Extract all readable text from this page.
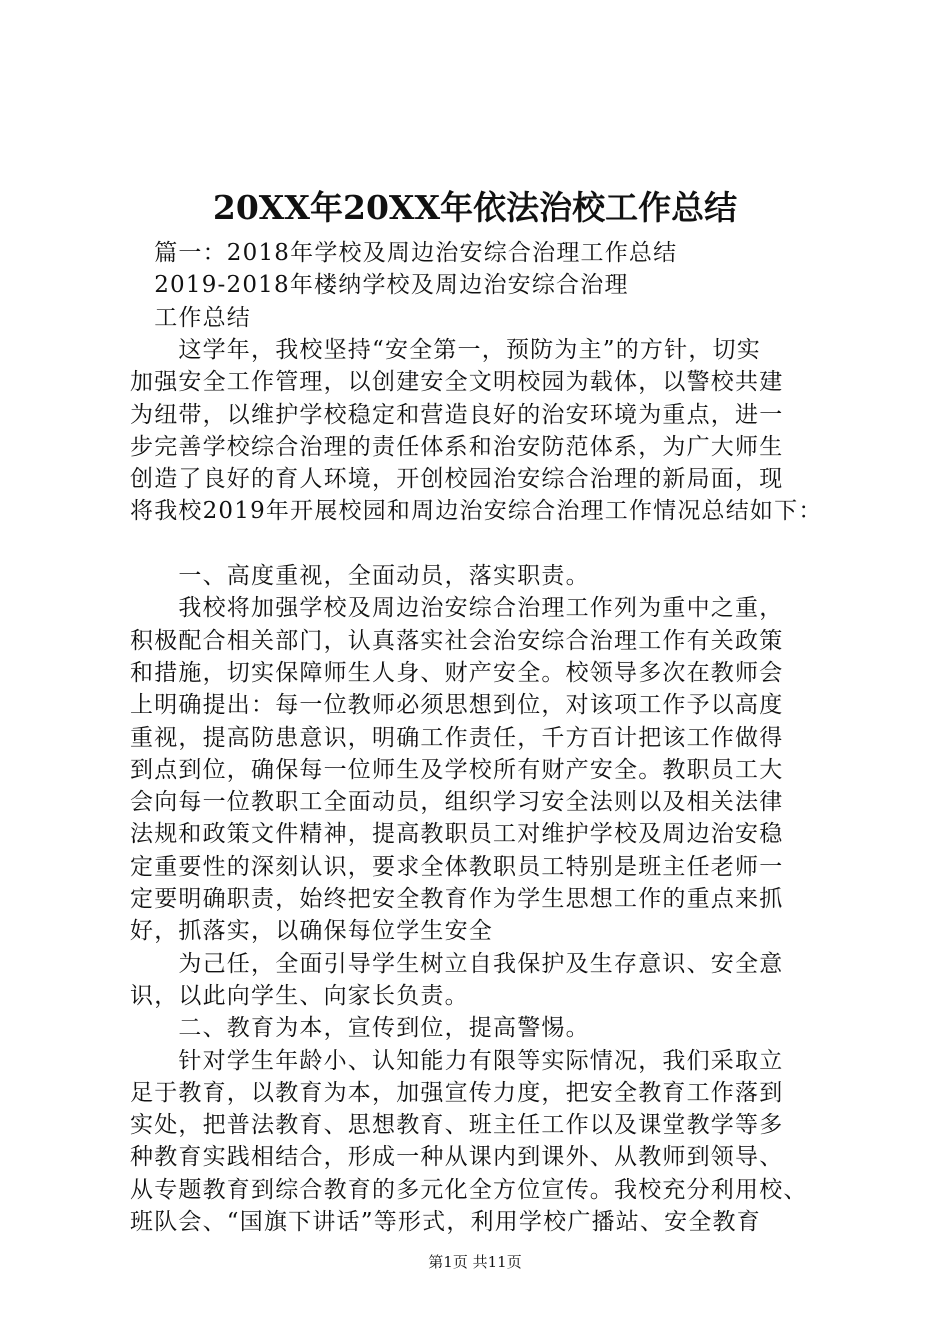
20XX年20XX年依法治校工作总结
　篇一：2018年学校及周边治安综合治理工作总结
　2019-2018年楼纳学校及周边治安综合治理
　工作总结
　　这学年，我校坚持“安全第一，预防为主”的方针，切实
加强安全工作管理，以创建安全文明校园为载体，以警校共建
为纽带，以维护学校稳定和营造良好的治安环境为重点，进一
步完善学校综合治理的责任体系和治安防范体系，为广大师生
创造了良好的育人环境，开创校园治安综合治理的新局面，现
将我校2019年开展校园和周边治安综合治理工作情况总结如下：
　　一、高度重视，全面动员，落实职责。
　　我校将加强学校及周边治安综合治理工作列为重中之重，
积极配合相关部门，认真落实社会治安综合治理工作有关政策
和措施，切实保障师生人身、财产安全。校领导多次在教师会
上明确提出：每一位教师必须思想到位，对该项工作予以高度
重视，提高防患意识，明确工作责任，千方百计把该工作做得
到点到位，确保每一位师生及学校所有财产安全。教职员工大
会向每一位教职工全面动员，组织学习安全法则以及相关法律
法规和政策文件精神，提高教职员工对维护学校及周边治安稳
定重要性的深刻认识，要求全体教职员工特别是班主任老师一
定要明确职责，始终把安全教育作为学生思想工作的重点来抓
好，抓落实，以确保每位学生安全
　　为己任，全面引导学生树立自我保护及生存意识、安全意
识，以此向学生、向家长负责。
　　二、教育为本，宣传到位，提高警惕。
　　针对学生年龄小、认知能力有限等实际情况，我们采取立
足于教育，以教育为本，加强宣传力度，把安全教育工作落到
实处，把普法教育、思想教育、班主任工作以及课堂教学等多
种教育实践相结合，形成一种从课内到课外、从教师到领导、
从专题教育到综合教育的多元化全方位宣传。我校充分利用校、
班队会、“国旗下讲话”等形式，利用学校广播站、安全教育
第1页 共11页
